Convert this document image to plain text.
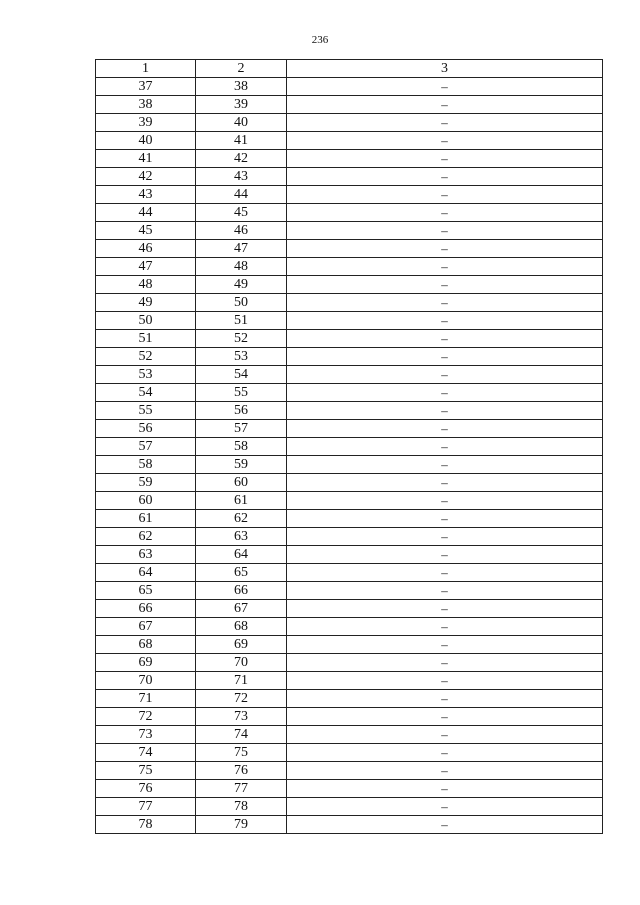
236
1	2	3
37	38	–
38	39	–
39	40	–
40	41	–
41	42	–
42	43	–
43	44	–
44	45	–
45	46	–
46	47	–
47	48	–
48	49	–
49	50	–
50	51	–
51	52	–
52	53	–
53	54	–
54	55	–
55	56	–
56	57	–
57	58	–
58	59	–
59	60	–
60	61	–
61	62	–
62	63	–
63	64	–
64	65	–
65	66	–
66	67	–
67	68	–
68	69	–
69	70	–
70	71	–
71	72	–
72	73	–
73	74	–
74	75	–
75	76	–
76	77	–
77	78	–
78	79	–
